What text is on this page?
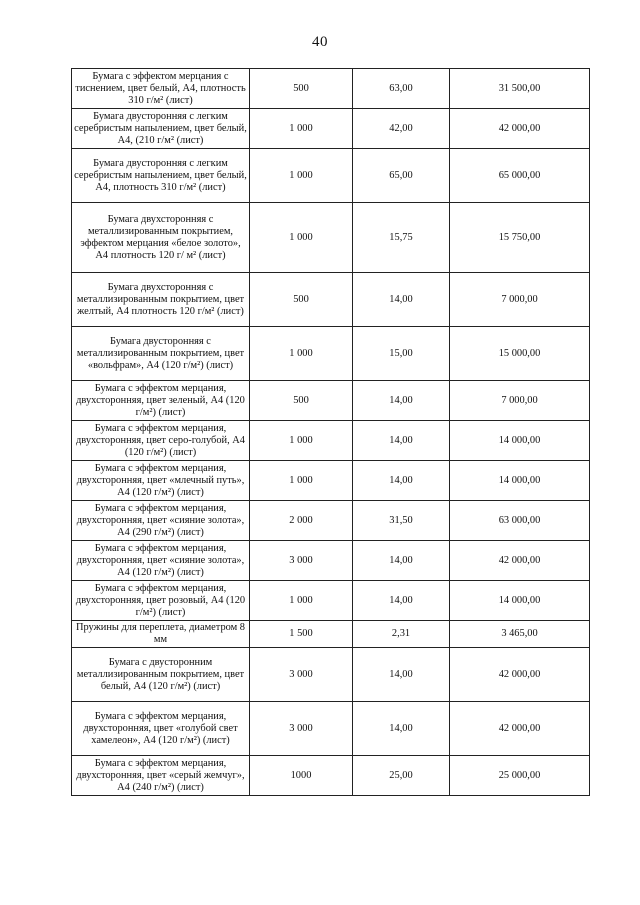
40
Бумага с эффектом мерцания с тиснением, цвет белый, А4, плотность 310 г/м² (лист)	500	63,00	31 500,00
Бумага двусторонняя с легким серебристым напылением, цвет белый, А4, (210 г/м² (лист)	1 000	42,00	42 000,00
Бумага двусторонняя с легким серебристым напылением, цвет белый, А4, плотность 310 г/м² (лист)	1 000	65,00	65 000,00
Бумага двухсторонняя с металлизированным покрытием, эффектом мерцания «белое золото», А4 плотность 120 г/ м² (лист)	1 000	15,75	15 750,00
Бумага двухсторонняя с металлизированным покрытием, цвет желтый, А4 плотность 120 г/м² (лист)	500	14,00	7 000,00
Бумага двусторонняя с металлизированным покрытием, цвет «вольфрам», А4 (120 г/м²) (лист)	1 000	15,00	15 000,00
Бумага с эффектом мерцания, двухсторонняя, цвет зеленый, А4 (120 г/м²) (лист)	500	14,00	7 000,00
Бумага с эффектом мерцания, двухсторонняя, цвет серо-голубой, А4 (120 г/м²) (лист)	1 000	14,00	14 000,00
Бумага с эффектом мерцания, двухсторонняя, цвет «млечный путь», А4 (120 г/м²) (лист)	1 000	14,00	14 000,00
Бумага с эффектом мерцания, двухсторонняя, цвет «сияние золота», А4 (290 г/м²) (лист)	2 000	31,50	63 000,00
Бумага с эффектом мерцания, двухсторонняя, цвет «сияние золота», А4 (120 г/м²) (лист)	3 000	14,00	42 000,00
Бумага с эффектом мерцания, двухсторонняя, цвет розовый, А4 (120 г/м²) (лист)	1 000	14,00	14 000,00
Пружины для переплета, диаметром 8 мм	1 500	2,31	3 465,00
Бумага с двусторонним металлизированным покрытием, цвет белый, А4 (120 г/м²) (лист)	3 000	14,00	42 000,00
Бумага с эффектом мерцания, двухсторонняя, цвет «голубой свет хамелеон», А4 (120 г/м²) (лист)	3 000	14,00	42 000,00
Бумага с эффектом мерцания, двухсторонняя, цвет «серый жемчуг», А4 (240 г/м²) (лист)	1000	25,00	25 000,00
